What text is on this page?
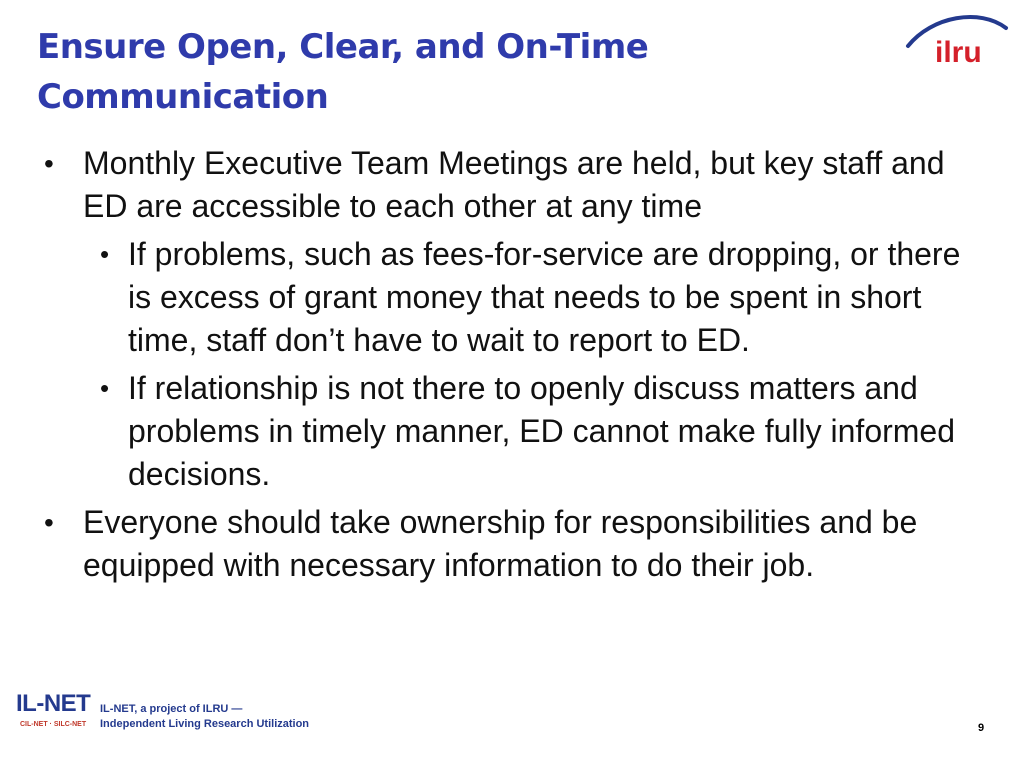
Ensure Open, Clear, and On-Time Communication
ilru
• Monthly Executive Team Meetings are held, but key staff and ED are accessible to each other at any time
• If problems, such as fees-for-service are dropping, or there is excess of grant money that needs to be spent in short time, staff don’t have to wait to report to ED.
• If relationship is not there to openly discuss matters and problems in timely manner, ED cannot make fully informed decisions.
• Everyone should take ownership for responsibilities and be equipped with necessary information to do their job.
IL-NET
CIL-NET · SILC-NET
IL-NET, a project of ILRU —
Independent Living Research Utilization	9
